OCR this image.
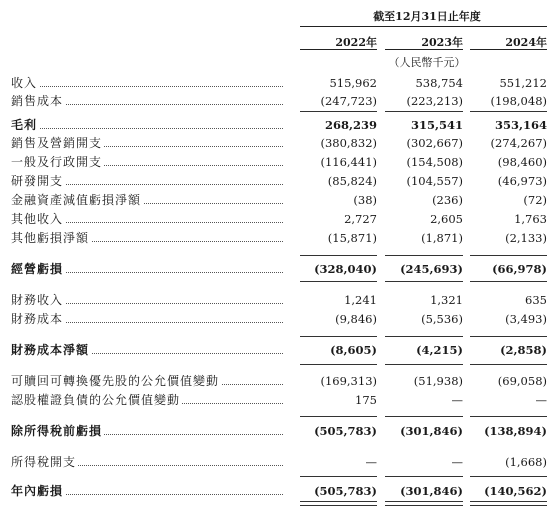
截至12月31日止年度
2022年	2023年	2024年
（人民幣千元）
收入	515,962	538,754	551,212
銷售成本	(247,723)	(223,213)	(198,048)
毛利	268,239	315,541	353,164
銷售及營銷開支	(380,832)	(302,667)	(274,267)
一般及行政開支	(116,441)	(154,508)	(98,460)
研發開支	(85,824)	(104,557)	(46,973)
金融資產減值虧損淨額	(38)	(236)	(72)
其他收入	2,727	2,605	1,763
其他虧損淨額	(15,871)	(1,871)	(2,133)
經營虧損	(328,040)	(245,693)	(66,978)
財務收入	1,241	1,321	635
財務成本	(9,846)	(5,536)	(3,493)
財務成本淨額	(8,605)	(4,215)	(2,858)
可贖回可轉換優先股的公允價值變動	(169,313)	(51,938)	(69,058)
認股權證負債的公允價值變動	175	—	—
除所得稅前虧損	(505,783)	(301,846)	(138,894)
所得稅開支	—	—	(1,668)
年內虧損	(505,783)	(301,846)	(140,562)
